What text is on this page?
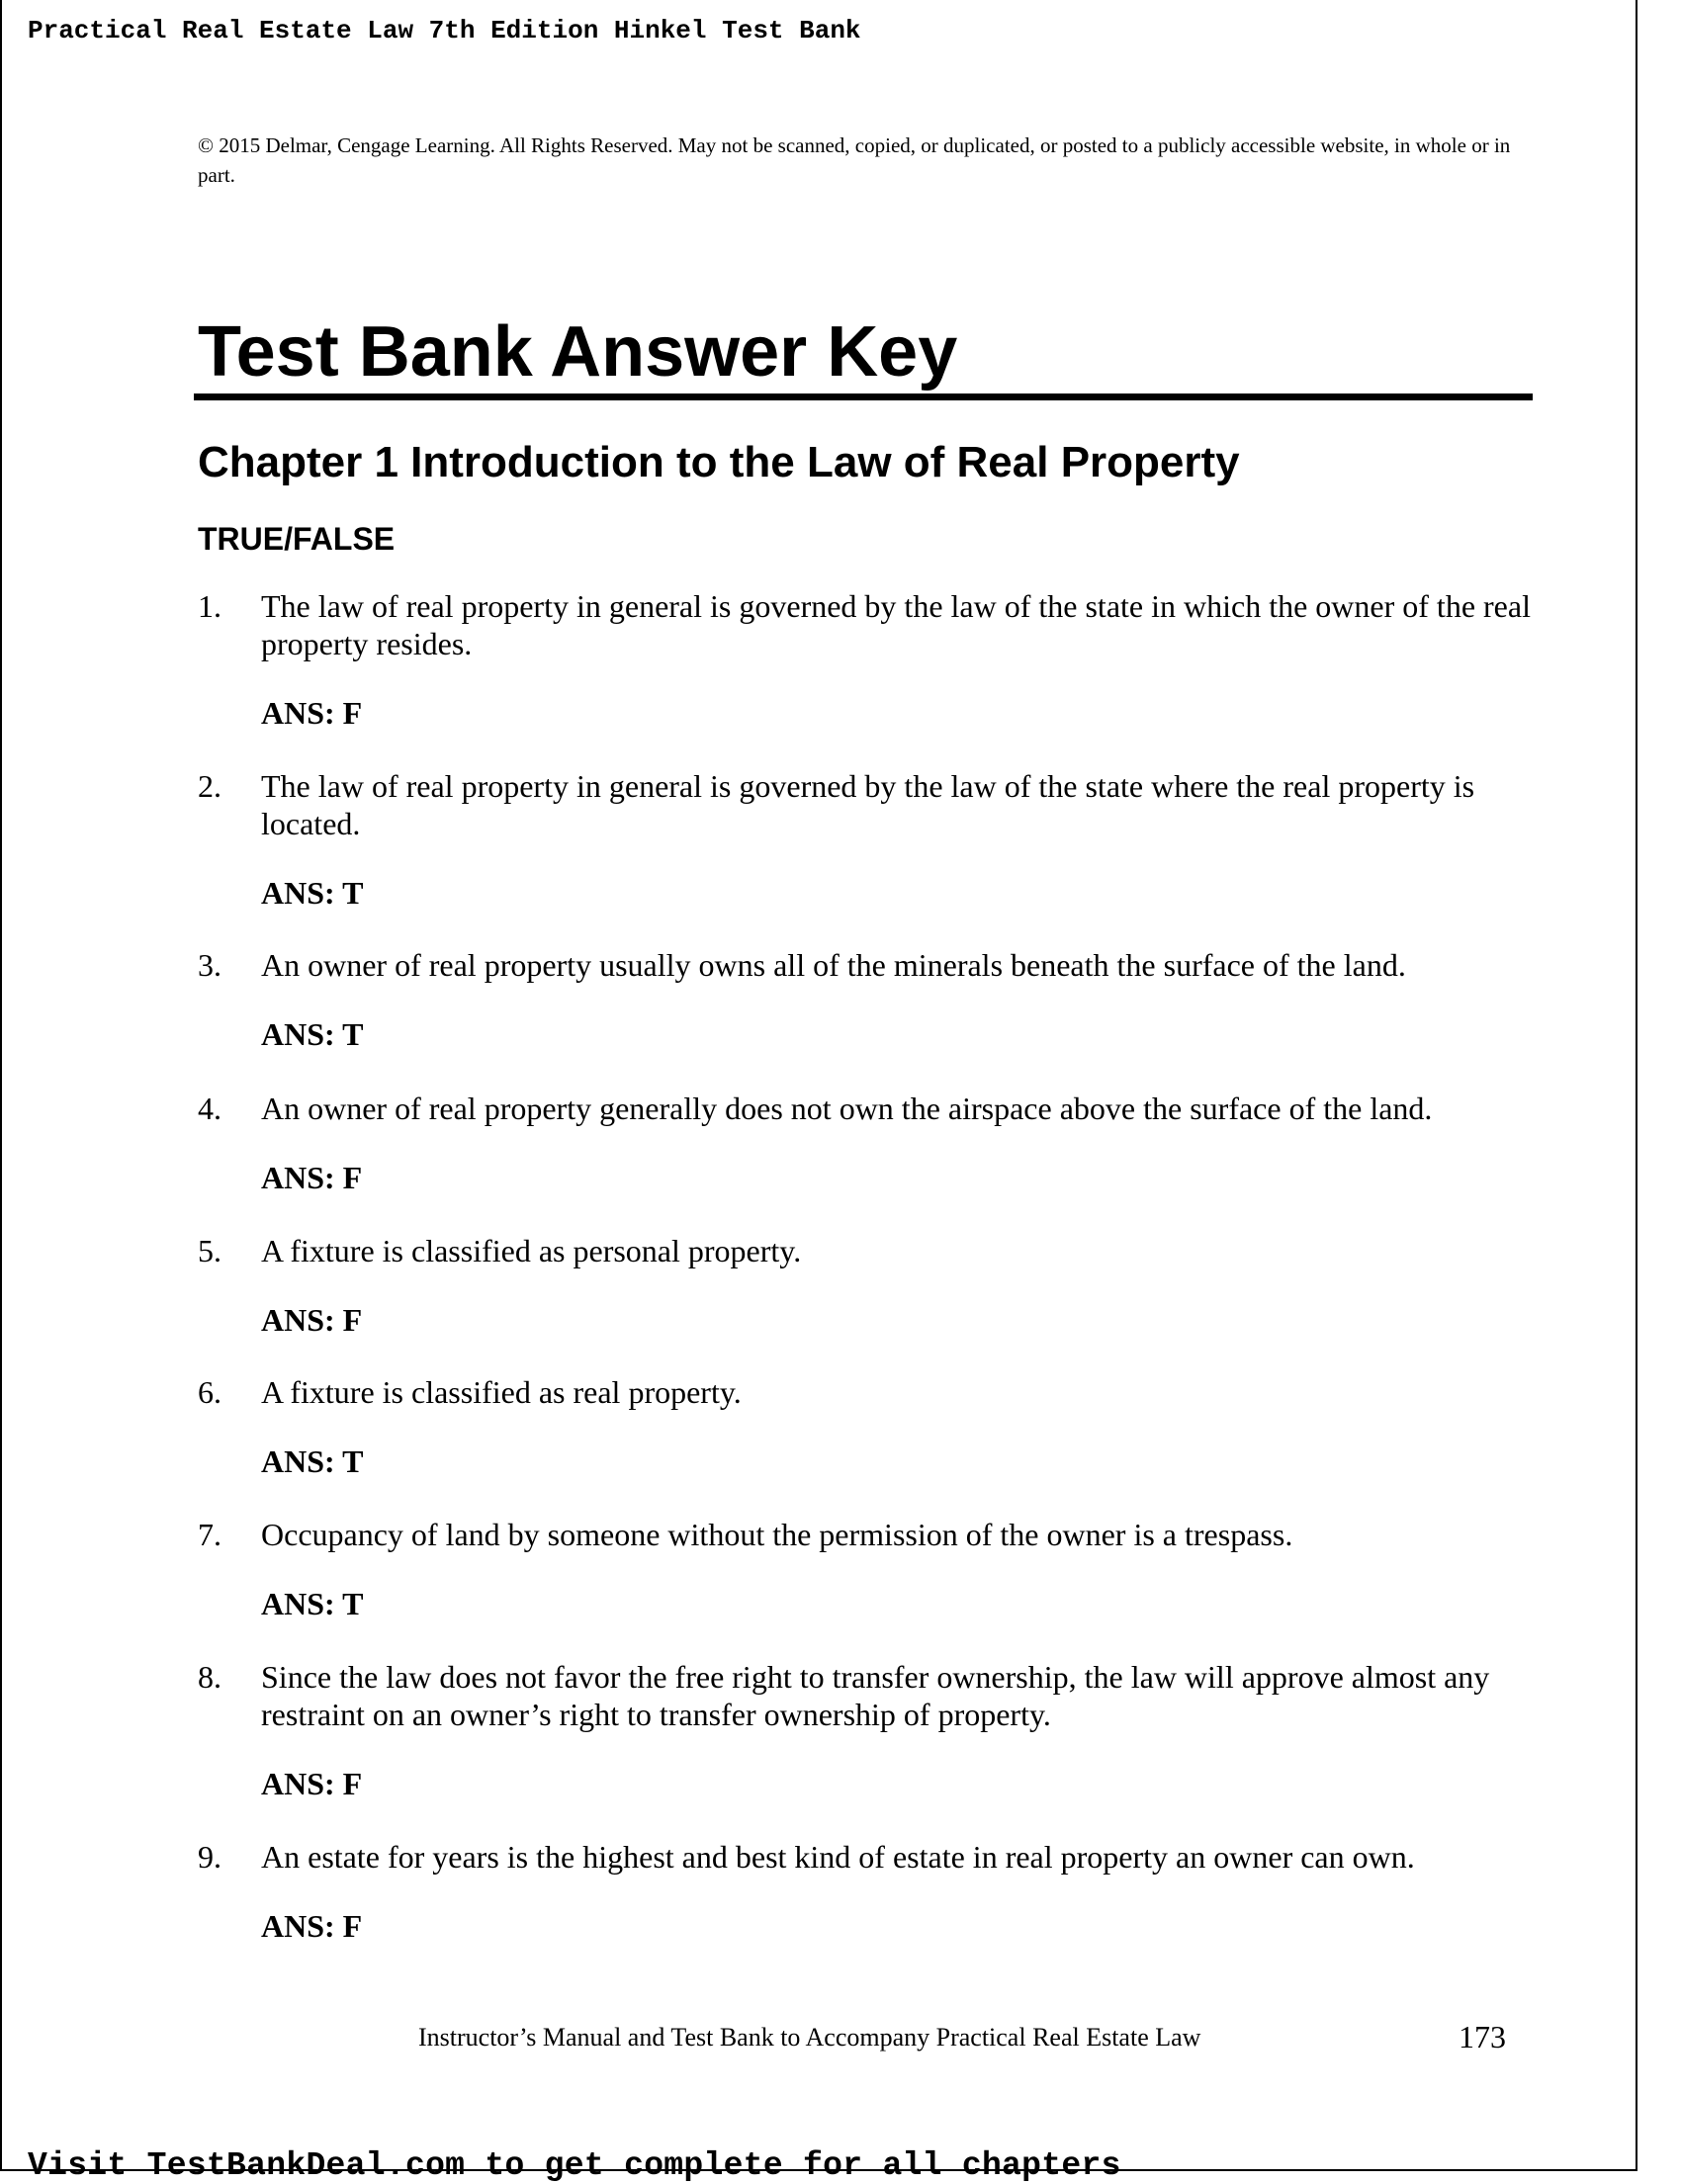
Practical Real Estate Law 7th Edition Hinkel Test Bank
© 2015 Delmar, Cengage Learning. All Rights Reserved. May not be scanned, copied, or duplicated, or posted to a publicly accessible website, in whole or in part.
Test Bank Answer Key
Chapter 1 Introduction to the Law of Real Property
TRUE/FALSE
1.	The law of real property in general is governed by the law of the state in which the owner of the real property resides.
ANS: F
2.	The law of real property in general is governed by the law of the state where the real property is located.
ANS: T
3.	An owner of real property usually owns all of the minerals beneath the surface of the land.
ANS: T
4.	An owner of real property generally does not own the airspace above the surface of the land.
ANS: F
5.	A fixture is classified as personal property.
ANS: F
6.	A fixture is classified as real property.
ANS: T
7.	Occupancy of land by someone without the permission of the owner is a trespass.
ANS: T
8.	Since the law does not favor the free right to transfer ownership, the law will approve almost any restraint on an owner’s right to transfer ownership of property.
ANS: F
9.	An estate for years is the highest and best kind of estate in real property an owner can own.
ANS: F
Instructor’s Manual and Test Bank to Accompany Practical Real Estate Law	173
Visit TestBankDeal.com to get complete for all chapters
